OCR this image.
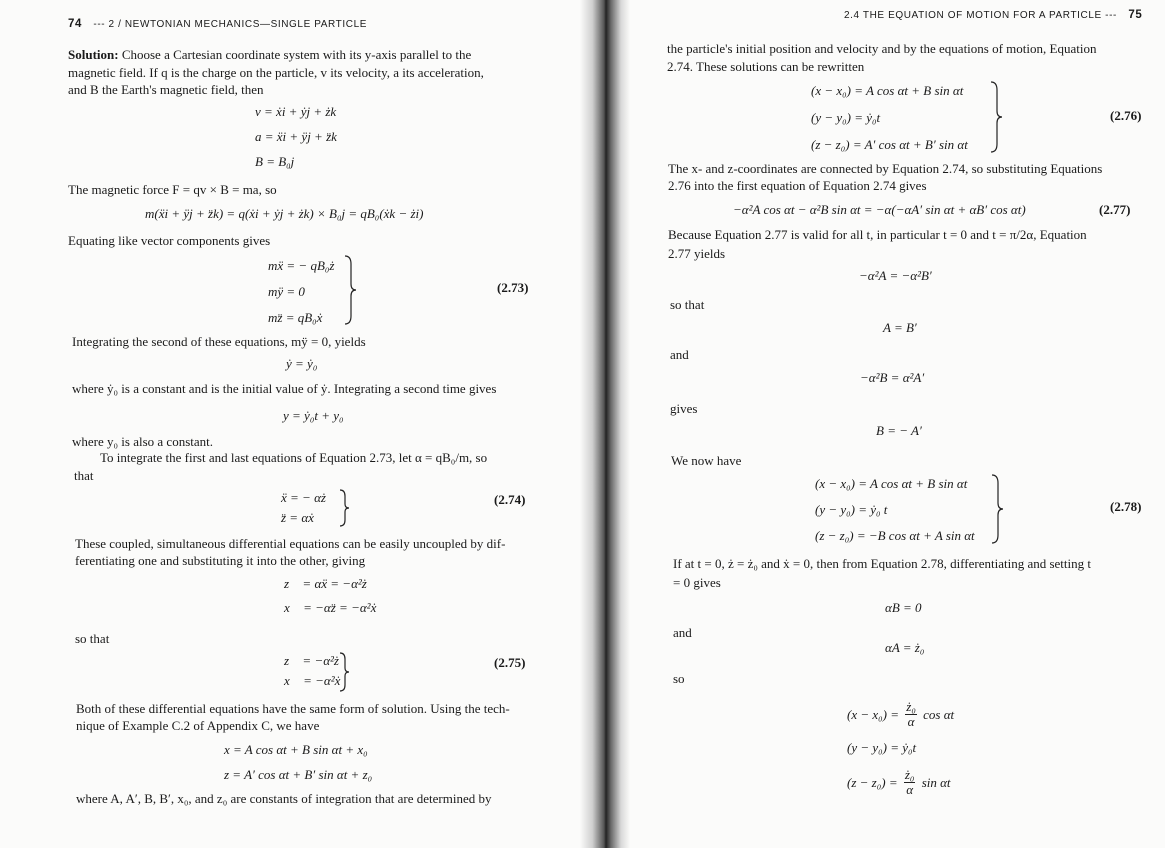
74 --- 2 / NEWTONIAN MECHANICS—SINGLE PARTICLE
Solution: Choose a Cartesian coordinate system with its y-axis parallel to the
magnetic field. If q is the charge on the particle, v its velocity, a its acceleration,
and B the Earth's magnetic field, then
v = ẋi + ẏj + żk
a = ẍi + ÿj + z̈k
B = B₀j
The magnetic force F = qv × B = ma, so
m(ẍi + ÿj + z̈k) = q(ẋi + ẏj + żk) × B₀j = qB₀(ẋk − żi)
Equating like vector components gives
mẍ = − qB₀ż
mÿ = 0
mz̈ = qB₀ẋ
(2.73)
Integrating the second of these equations, mÿ = 0, yields
ẏ = ẏ₀
where ẏ₀ is a constant and is the initial value of ẏ. Integrating a second time gives
y = ẏ₀t + y₀
where y₀ is also a constant.
To integrate the first and last equations of Equation 2.73, let α = qB₀/m, so
that
ẍ = − αż
z̈ = αẋ
(2.74)
These coupled, simultaneous differential equations can be easily uncoupled by dif-
ferentiating one and substituting it into the other, giving
z⃛ = αẍ = −α²ż
x⃛ = −αz̈ = −α²ẋ
so that
z⃛ = −α²ż
x⃛ = −α²ẋ
(2.75)
Both of these differential equations have the same form of solution. Using the tech-
nique of Example C.2 of Appendix C, we have
x = A cos αt + B sin αt + x₀
z = A′ cos αt + B′ sin αt + z₀
where A, A′, B, B′, x₀, and z₀ are constants of integration that are determined by
2.4 THE EQUATION OF MOTION FOR A PARTICLE --- 75
the particle's initial position and velocity and by the equations of motion, Equation
2.74. These solutions can be rewritten
(x − x₀) = A cos αt + B sin αt
(y − y₀) = ẏ₀t
(z − z₀) = A′ cos αt + B′ sin αt
(2.76)
The x- and z-coordinates are connected by Equation 2.74, so substituting Equations
2.76 into the first equation of Equation 2.74 gives
−α²A cos αt − α²B sin αt = −α(−αA′ sin αt + αB′ cos αt)	(2.77)
Because Equation 2.77 is valid for all t, in particular t = 0 and t = π/2α, Equation
2.77 yields
−α²A = −α²B′
so that
A = B′
and
−α²B = α²A′
gives
B = − A′
We now have
(x − x₀) = A cos αt + B sin αt
(y − y₀) = ẏ₀ t
(z − z₀) = −B cos αt + A sin αt
(2.78)
If at t = 0, ż = ż₀ and ẋ = 0, then from Equation 2.78, differentiating and setting t
= 0 gives
αB = 0
and
αA = ż₀
so
$(x - x_0) = \frac{\text{ż₀}}{\alpha}$ cos αt
(y − y₀) = ẏ₀t
$(z - z_0) = \frac{\text{ż₀}}{\alpha}$ sin αt
